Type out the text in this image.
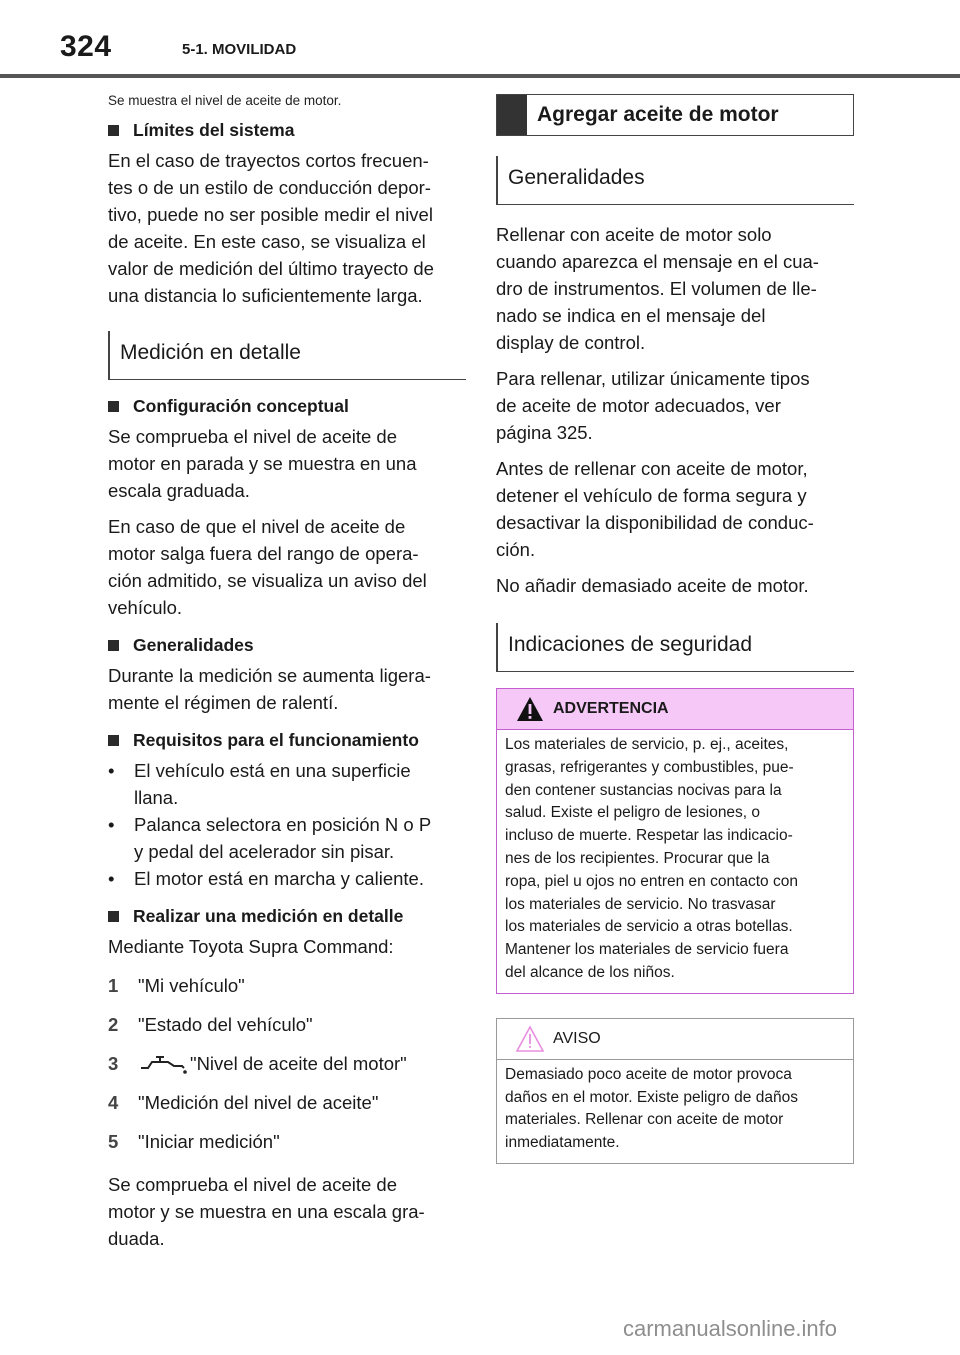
324	5-1. MOVILIDAD
Se muestra el nivel de aceite de motor.
Límites del sistema
En el caso de trayectos cortos frecuen-
tes o de un estilo de conducción depor-
tivo, puede no ser posible medir el nivel
de aceite. En este caso, se visualiza el
valor de medición del último trayecto de
una distancia lo suficientemente larga.
Medición en detalle
Configuración conceptual
Se comprueba el nivel de aceite de
motor en parada y se muestra en una
escala graduada.
En caso de que el nivel de aceite de
motor salga fuera del rango de opera-
ción admitido, se visualiza un aviso del
vehículo.
Generalidades
Durante la medición se aumenta ligera-
mente el régimen de ralentí.
Requisitos para el funcionamiento
•	El vehículo está en una superficie
llana.
•	Palanca selectora en posición N o P
y pedal del acelerador sin pisar.
•	El motor está en marcha y caliente.
Realizar una medición en detalle
Mediante Toyota Supra Command:
1	"Mi vehículo"
2	"Estado del vehículo"
3	"Nivel de aceite del motor"
4	"Medición del nivel de aceite"
5	"Iniciar medición"
Se comprueba el nivel de aceite de
motor y se muestra en una escala gra-
duada.
Agregar aceite de motor
Generalidades
Rellenar con aceite de motor solo
cuando aparezca el mensaje en el cua-
dro de instrumentos. El volumen de lle-
nado se indica en el mensaje del
display de control.
Para rellenar, utilizar únicamente tipos
de aceite de motor adecuados, ver
página 325.
Antes de rellenar con aceite de motor,
detener el vehículo de forma segura y
desactivar la disponibilidad de conduc-
ción.
No añadir demasiado aceite de motor.
Indicaciones de seguridad
ADVERTENCIA
Los materiales de servicio, p. ej., aceites,
grasas, refrigerantes y combustibles, pue-
den contener sustancias nocivas para la
salud. Existe el peligro de lesiones, o
incluso de muerte. Respetar las indicacio-
nes de los recipientes. Procurar que la
ropa, piel u ojos no entren en contacto con
los materiales de servicio. No trasvasar
los materiales de servicio a otras botellas.
Mantener los materiales de servicio fuera
del alcance de los niños.
AVISO
Demasiado poco aceite de motor provoca
daños en el motor. Existe peligro de daños
materiales. Rellenar con aceite de motor
inmediatamente.
carmanualsonline.info
